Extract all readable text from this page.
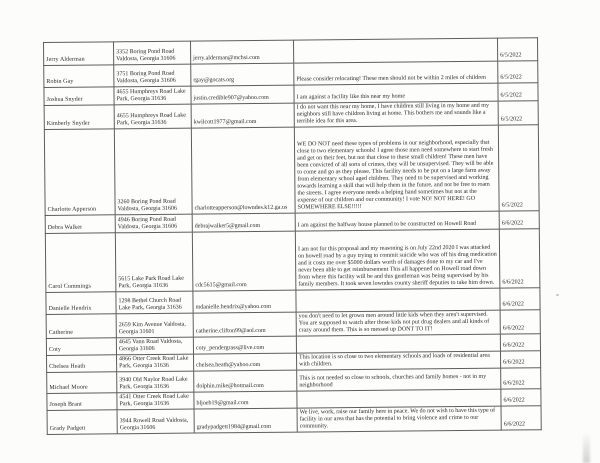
Jerry Alderman	3352 Boring Pond Road Valdosta, Georgia 31606	jerry.alderman@mchsi.com		6/5/2022
Robin Gay	3751 Boring Pond Road Valdosta, Georgia 31606	rgay@gocats.org	Please consider relocating! These men should not be within 2 miles of children	6/5/2022
Joshua Snyder	4655 Humphreys Road Lake Park, Georgia 31636	justin.credible907@yahoo.com	I am against a facility like this near my home	6/5/2022
Kimberly Snyder	4655 Humphreys Road Lake Park, Georgia 31636	kwilcott1977@gmail.com	I do not want this near my home, I have children still living in my home and my neighbors still have children living at home. This bothers me and sounds like a terrible idea for this area.	6/5/2022
Charlotte Apperson	3260 Boring Pond Road Valdosta, Georgia 31606	charlotteapperson@lowndes.k12.ga.us	WE DO NOT need these types of problems in our neighborhood, especially that close to two elementary schools! I agree those men need somewhere to start fresh and get on their feet, but not that close to these small children! These men have been convicted of all sorts of crimes, they will be unsupervised. They will be able to come and go as they please. This facility needs to be put on a large farm away from elementary school aged children. They need to be supervised and working towards learning a skill that will help them in the future, and not be free to roam the streets. I agree everyone needs a helping hand sometimes but not at the expense of our children and our community! I vote NO! NOT HERE! GO SOMEWHERE ELSE!!!!!	6/5/2022
Debra Walker	4946 Boring Pond Road Valdosta, Georgia 31606	debrajwalker5@gmail.com	I am against the halfway house planned to be constructed on Howell Road	6/6/2022
Carol Cummings	5615 Lake Park Road Lake Park, Georgia 31636	cdc5615@gmail.com	I am not for this proposal and my reasoning is on July 22nd 2020 I was attacked on howell road by a guy trying to commit suicide who was off his drug medication and it costs me over $5000 dollars worth of damages done to my car and I've never been able to get reimbursement This all happened on Howell road down from where this facility will be and this gentleman was being supervised by his family members. It took seven lowndes county sheriff deputies to take him down.	6/6/2022
Danielle Hendrix	1298 Bethel Church Road Lake Park, Georgia 31636	mdanielle.hendrix@yahoo.com		6/6/2022
Catherine	2659 Kim Avenue Valdosta, Georgia 31601	catherine.clifton99@aol.com	you don't need to let grown men around little kids when they aren't supervised. You are supposed to watch after those kids not put drug dealers and all kinds of crazy around them. This is so messed up DONT TO IT!	6/6/2022
Coty	4645 Vann Road Valdosta, Georgia 31606	coty_pendergrass@live.com		6/6/2022
Chelsea Heath	4866 Otter Creek Road Lake Park, Georgia 31636	chelsea.heath@yahoo.com	This location is so close to two elementary schools and loads of residential area with children.	6/6/2022
Michael Moore	3940 Old Naylor Road Lake Park, Georgia 31636	dolphin.mike@hotmail.com	This is not needed so close to schools, churches and family homes - not in my neighborhood	6/6/2022
Joseph Brant	4541 Otter Creek Road Lake Park, Georgia 31636	bljoeb19@gmail.com		6/6/2022
Grady Padgett	3944 Rowell Road Valdosta, Georgia 31606	gradypadgett1984@gmail.com	We live, work, raise our family here in peace. We do not wish to have this type of facility in our area that has the potential to bring violence and crime to our community.	6/6/2022
